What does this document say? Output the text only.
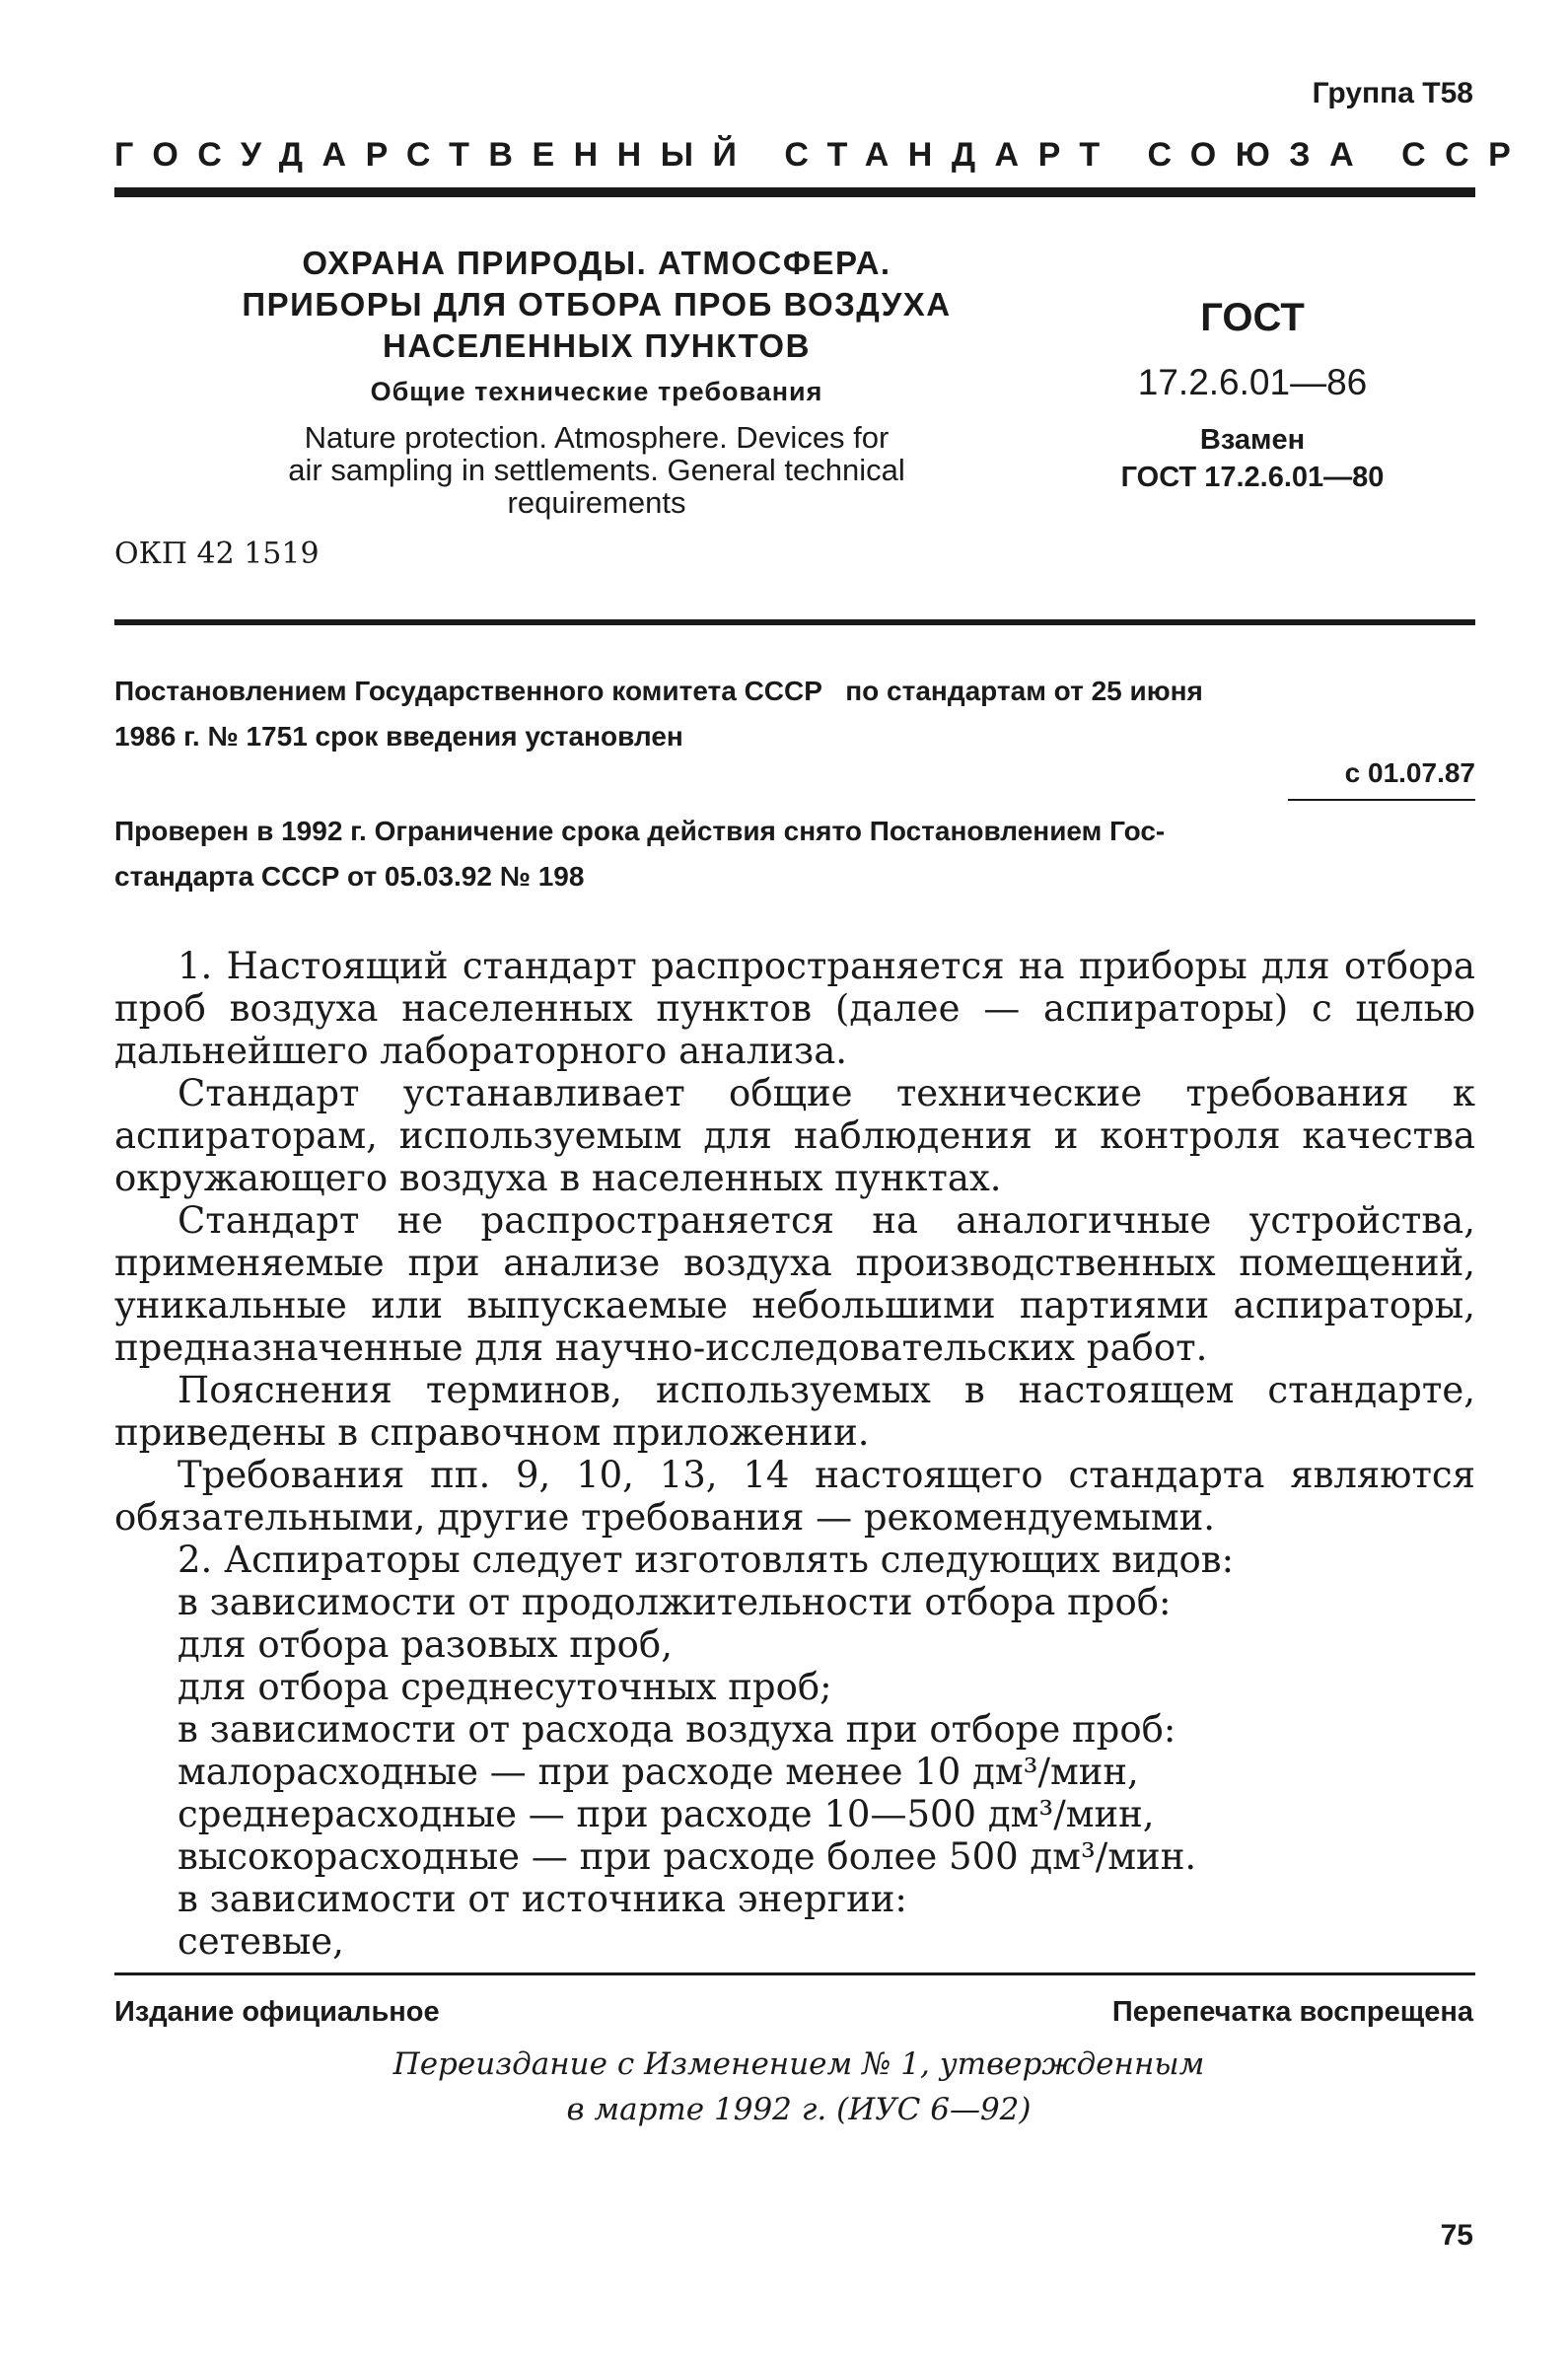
Группа Т58
ГОСУДАРСТВЕННЫЙ СТАНДАРТ СОЮЗА ССР
ОХРАНА ПРИРОДЫ. АТМОСФЕРА.
ПРИБОРЫ ДЛЯ ОТБОРА ПРОБ ВОЗДУХА
НАСЕЛЕННЫХ ПУНКТОВ
Общие технические требования
Nature protection. Atmosphere. Devices for
air sampling in settlements. General technical
requirements
ОКП 42 1519
ГОСТ
17.2.6.01—86
Взамен
ГОСТ 17.2.6.01—80
Постановлением Государственного комитета СССР   по стандартам от 25 июня
1986 г. № 1751 срок введения установлен
с 01.07.87
Проверен в 1992 г. Ограничение срока действия снято Постановлением Гос-
стандарта СССР от 05.03.92 № 198

1. Настоящий стандарт распространяется на приборы для отбора проб воздуха населенных пунктов (далее — аспираторы) с целью дальнейшего лабораторного анализа.

Стандарт устанавливает общие технические требования к аспираторам, используемым для наблюдения и контроля качества окружающего воздуха в населенных пунктах.

Стандарт не распространяется на аналогичные устройства, применяемые при анализе воздуха производственных помещений, уникальные или выпускаемые небольшими партиями аспираторы, предназначенные для научно-исследовательских работ.

Пояснения терминов, используемых в настоящем стандарте, приведены в справочном приложении.

Требования пп. 9, 10, 13, 14 настоящего стандарта являются обязательными, другие требования — рекомендуемыми.

2. Аспираторы следует изготовлять следующих видов:

в зависимости от продолжительности отбора проб:
для отбора разовых проб,
для отбора среднесуточных проб;
в зависимости от расхода воздуха при отборе проб:
малорасходные — при расходе менее 10 дм³/мин,
среднерасходные — при расходе 10—500 дм³/мин,
высокорасходные — при расходе более 500 дм³/мин.
в зависимости от источника энергии:
сетевые,
Издание официальное	Перепечатка воспрещена
Переиздание с Изменением № 1, утвержденным
в марте 1992 г. (ИУС 6—92)
75
